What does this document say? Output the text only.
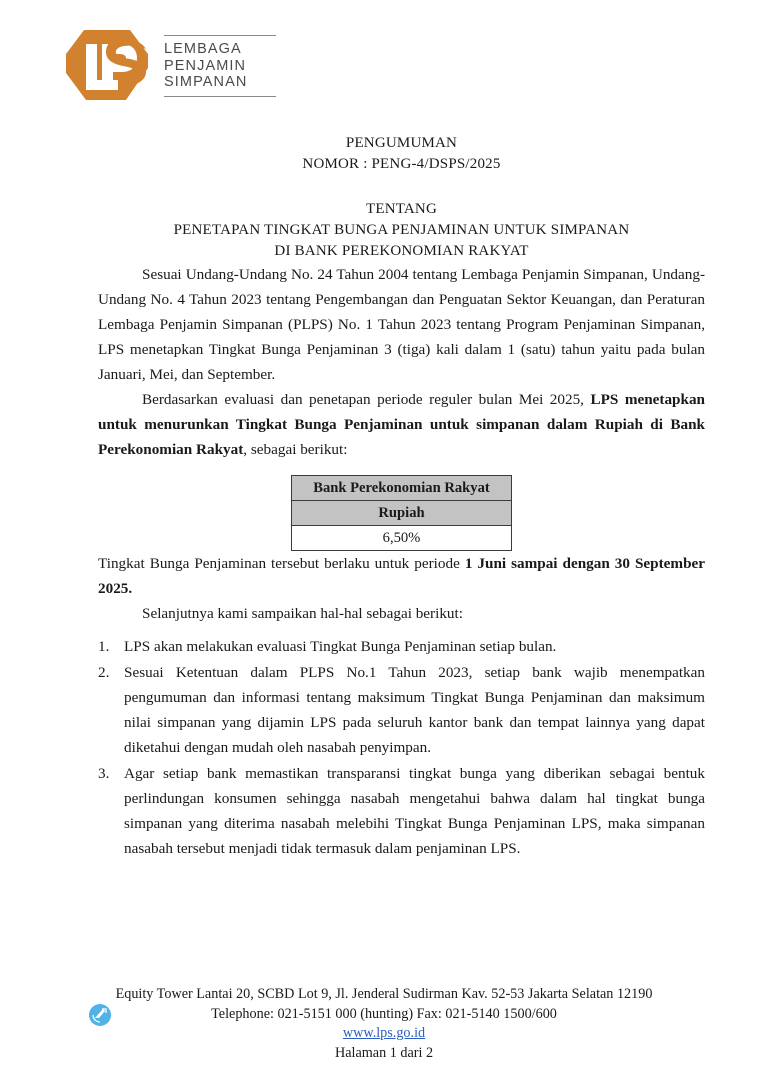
LEMBAGA
PENJAMIN
SIMPANAN
PENGUMUMAN
NOMOR : PENG-4/DSPS/2025
TENTANG
PENETAPAN TINGKAT BUNGA PENJAMINAN UNTUK SIMPANAN
DI BANK PEREKONOMIAN RAKYAT

Sesuai Undang-Undang No. 24 Tahun 2004 tentang Lembaga Penjamin Simpanan, Undang-Undang No. 4 Tahun 2023 tentang Pengembangan dan Penguatan Sektor Keuangan, dan Peraturan Lembaga Penjamin Simpanan (PLPS) No. 1 Tahun 2023 tentang Program Penjaminan Simpanan, LPS menetapkan Tingkat Bunga Penjaminan 3 (tiga) kali dalam 1 (satu) tahun yaitu pada bulan Januari, Mei, dan September.

Berdasarkan evaluasi dan penetapan periode reguler bulan Mei 2025, LPS menetapkan untuk menurunkan Tingkat Bunga Penjaminan untuk simpanan dalam Rupiah di Bank Perekonomian Rakyat, sebagai berikut:

Bank Perekonomian Rakyat
Rupiah
6,50%

Tingkat Bunga Penjaminan tersebut berlaku untuk periode 1 Juni sampai dengan 30 September 2025.

Selanjutnya kami sampaikan hal-hal sebagai berikut:

LPS akan melakukan evaluasi Tingkat Bunga Penjaminan setiap bulan.
Sesuai Ketentuan dalam PLPS No.1 Tahun 2023, setiap bank wajib menempatkan pengumuman dan informasi tentang maksimum Tingkat Bunga Penjaminan dan maksimum nilai simpanan yang dijamin LPS pada seluruh kantor bank dan tempat lainnya yang dapat diketahui dengan mudah oleh nasabah penyimpan.
Agar setiap bank memastikan transparansi tingkat bunga yang diberikan sebagai bentuk perlindungan konsumen sehingga nasabah mengetahui bahwa dalam hal tingkat bunga simpanan yang diterima nasabah melebihi Tingkat Bunga Penjaminan LPS, maka simpanan nasabah tersebut menjadi tidak termasuk dalam penjaminan LPS.
Equity Tower Lantai 20, SCBD Lot 9, Jl. Jenderal Sudirman Kav. 52-53 Jakarta Selatan 12190
Telephone: 021-5151 000 (hunting) Fax: 021-5140 1500/600
www.lps.go.id
Halaman 1 dari 2
